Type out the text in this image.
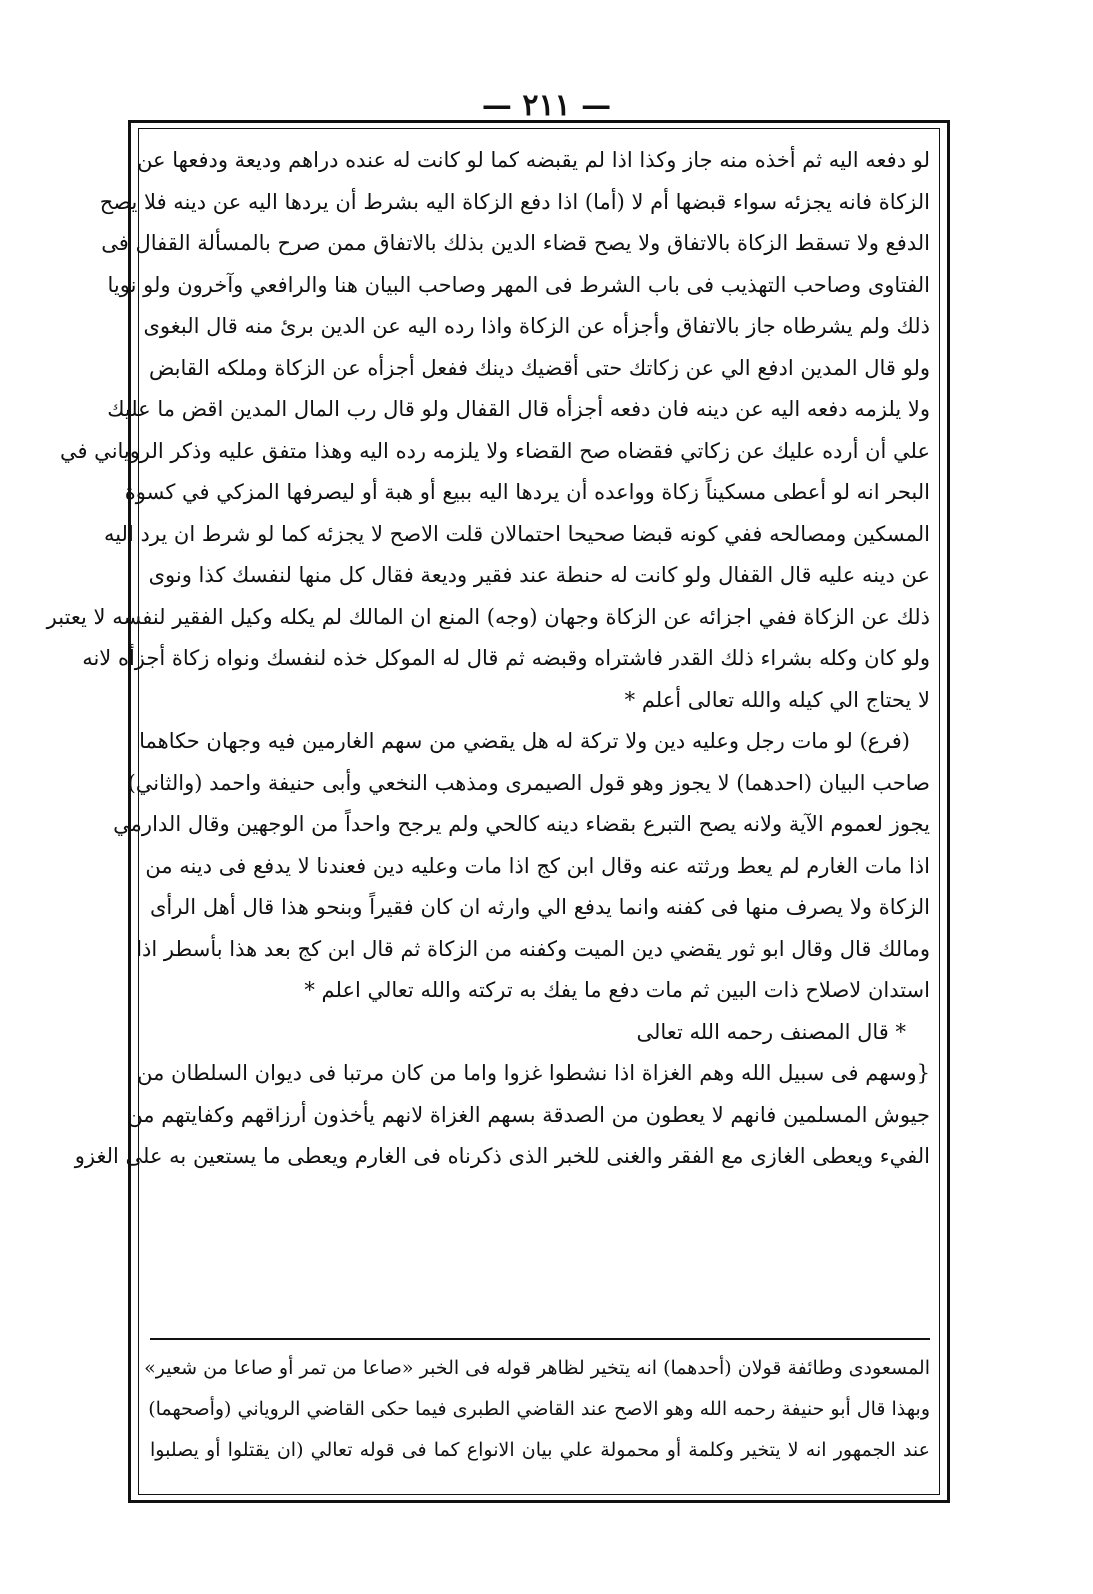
— ٢١١ —

لو دفعه اليه ثم أخذه منه جاز وكذا اذا لم يقبضه كما لو كانت له عنده دراهم وديعة ودفعها عن

الزكاة فانه يجزئه سواء قبضها أم لا (أما) اذا دفع الزكاة اليه بشرط أن يردها اليه عن دينه فلا يصح

الدفع ولا تسقط الزكاة بالاتفاق ولا يصح قضاء الدين بذلك بالاتفاق ممن صرح بالمسألة القفال فى

الفتاوى وصاحب التهذيب فى باب الشرط فى المهر وصاحب البيان هنا والرافعي وآخرون ولو نويا

ذلك ولم يشرطاه جاز بالاتفاق وأجزأه عن الزكاة واذا رده اليه عن الدين برئ منه قال البغوى

ولو قال المدين ادفع الي عن زكاتك حتى أقضيك دينك ففعل أجزأه عن الزكاة وملكه القابض

ولا يلزمه دفعه اليه عن دينه فان دفعه أجزأه قال القفال ولو قال رب المال المدين اقض ما عليك

علي أن أرده عليك عن زكاتي فقضاه صح القضاء ولا يلزمه رده اليه وهذا متفق عليه وذكر الروياني في

البحر انه لو أعطى مسكيناً زكاة وواعده أن يردها اليه ببيع أو هبة أو ليصرفها المزكي في كسوة

المسكين ومصالحه ففي كونه قبضا صحيحا احتمالان قلت الاصح لا يجزئه كما لو شرط ان يرد اليه

عن دينه عليه قال القفال ولو كانت له حنطة عند فقير وديعة فقال كل منها لنفسك كذا ونوى

ذلك عن الزكاة ففي اجزائه عن الزكاة وجهان (وجه) المنع ان المالك لم يكله وكيل الفقير لنفسه لا يعتبر

ولو كان وكله بشراء ذلك القدر فاشتراه وقبضه ثم قال له الموكل خذه لنفسك ونواه زكاة أجزأه لانه

لا يحتاج الي كيله والله تعالى أعلم *

(فرع) لو مات رجل وعليه دين ولا تركة له هل يقضي من سهم الغارمين فيه وجهان حكاهما

صاحب البيان (احدهما) لا يجوز وهو قول الصيمرى ومذهب النخعي وأبى حنيفة واحمد (والثاني)

يجوز لعموم الآية ولانه يصح التبرع بقضاء دينه كالحي ولم يرجح واحداً من الوجهين وقال الدارمي

اذا مات الغارم لم يعط ورثته عنه وقال ابن كج اذا مات وعليه دين فعندنا لا يدفع فى دينه من

الزكاة ولا يصرف منها فى كفنه وانما يدفع الي وارثه ان كان فقيراً وبنحو هذا قال أهل الرأى

ومالك قال وقال ابو ثور يقضي دين الميت وكفنه من الزكاة ثم قال ابن كج بعد هذا بأسطر اذا

استدان لاصلاح ذات البين ثم مات دفع ما يفك به تركته والله تعالي اعلم *

* قال المصنف رحمه الله تعالى

{وسهم فى سبيل الله وهم الغزاة اذا نشطوا غزوا واما من كان مرتبا فى ديوان السلطان من

جيوش المسلمين فانهم لا يعطون من الصدقة بسهم الغزاة لانهم يأخذون أرزاقهم وكفايتهم من

الفيء ويعطى الغازى مع الفقر والغنى للخبر الذى ذكرناه فى الغارم ويعطى ما يستعين به على الغزو

المسعودى وطائفة قولان (أحدهما) انه يتخير لظاهر قوله فى الخبر «صاعا من تمر أو صاعا من شعير»

وبهذا قال أبو حنيفة رحمه الله وهو الاصح عند القاضي الطبرى فيما حكى القاضي الروياني (وأصحهما)

عند الجمهور انه لا يتخير وكلمة أو محمولة علي بيان الانواع كما فى قوله تعالي (ان يقتلوا أو يصلبوا
